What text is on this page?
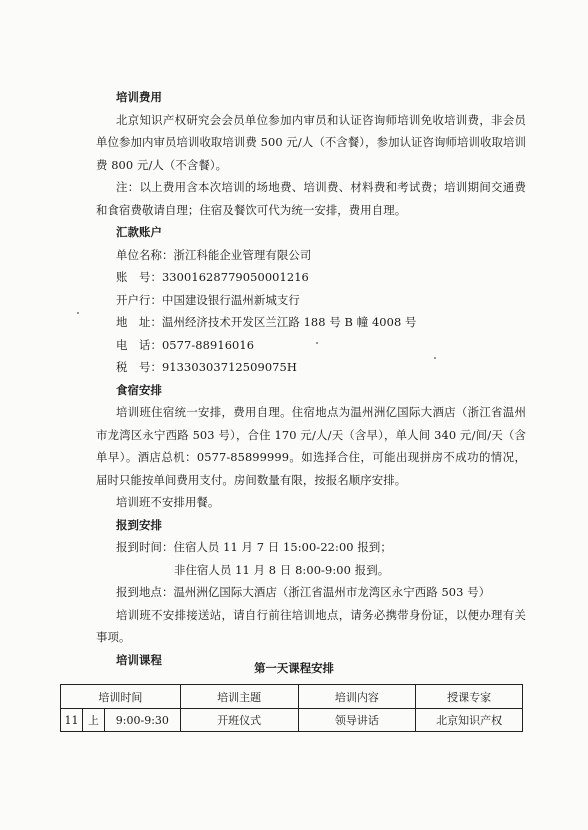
培训费用

北京知识产权研究会会员单位参加内审员和认证咨询师培训免收培训费，非会员单位参加内审员培训收取培训费 500 元/人（不含餐），参加认证咨询师培训收取培训费 800 元/人（不含餐）。

注：以上费用含本次培训的场地费、培训费、材料费和考试费；培训期间交通费和食宿费敬请自理；住宿及餐饮可代为统一安排，费用自理。

汇款账户

单位名称：浙江科能企业管理有限公司

账　号：33001628779050001216

开户行：中国建设银行温州新城支行

地　址：温州经济技术开发区兰江路 188 号 B 幢 4008 号

电　话：0577-88916016

税　号：91330303712509075H

食宿安排

培训班住宿统一安排，费用自理。住宿地点为温州洲亿国际大酒店（浙江省温州市龙湾区永宁西路 503 号），合住 170 元/人/天（含早），单人间 340 元/间/天（含单早）。酒店总机：0577-85899999。如选择合住，可能出现拼房不成功的情况，届时只能按单间费用支付。房间数量有限，按报名顺序安排。

培训班不安排用餐。

报到安排

报到时间：住宿人员 11 月 7 日 15:00-22:00 报到；

非住宿人员 11 月 8 日 8:00-9:00 报到。

报到地点：温州洲亿国际大酒店（浙江省温州市龙湾区永宁西路 503 号）

培训班不安排接送站，请自行前往培训地点，请务必携带身份证，以便办理有关事项。

培训课程

第一天课程安排
培训时间			培训主题	培训内容	授课专家
11	上	9:00-9:30	开班仪式	领导讲话	北京知识产权
